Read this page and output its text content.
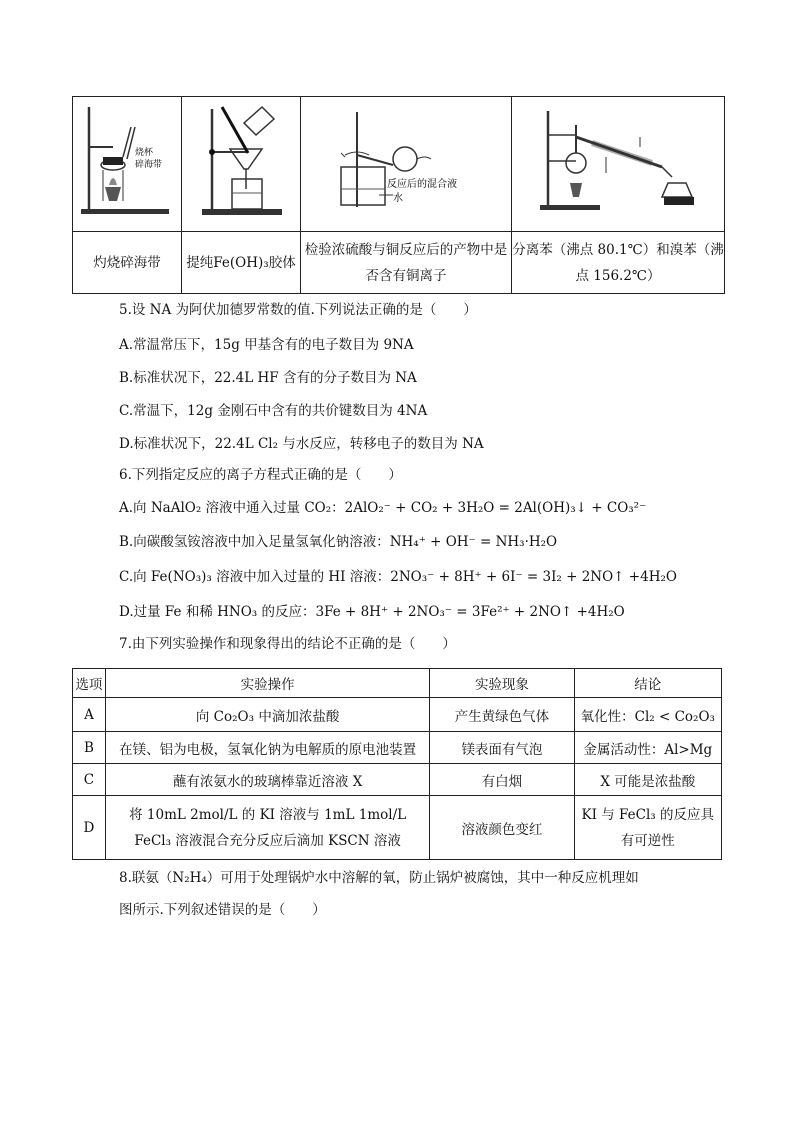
烧杯
碎海带		反应后的混合液
水

灼烧碎海带	提纯Fe(OH)₃胶体	检验浓硫酸与铜反应后的产物中是否含有铜离子	分离苯（沸点 80.1℃）和溴苯（沸点 156.2℃）
5.设 NA 为阿伏加德罗常数的值.下列说法正确的是（　　）
A.常温常压下，15g 甲基含有的电子数目为 9NA
B.标准状况下，22.4L HF 含有的分子数目为 NA
C.常温下，12g 金刚石中含有的共价键数目为 4NA
D.标准状况下，22.4L Cl₂ 与水反应，转移电子的数目为 NA
6.下列指定反应的离子方程式正确的是（　　）
A.向 NaAlO₂ 溶液中通入过量 CO₂：2AlO₂⁻ + CO₂ + 3H₂O = 2Al(OH)₃↓ + CO₃²⁻
B.向碳酸氢铵溶液中加入足量氢氧化钠溶液：NH₄⁺ + OH⁻ = NH₃·H₂O
C.向 Fe(NO₃)₃ 溶液中加入过量的 HI 溶液：2NO₃⁻ + 8H⁺ + 6I⁻ = 3I₂ + 2NO↑ +4H₂O
D.过量 Fe 和稀 HNO₃ 的反应：3Fe + 8H⁺ + 2NO₃⁻ = 3Fe²⁺ + 2NO↑ +4H₂O
7.由下列实验操作和现象得出的结论不正确的是（　　）
选项	实验操作	实验现象	结论
A	向 Co₂O₃ 中滴加浓盐酸	产生黄绿色气体	氧化性：Cl₂ < Co₂O₃
B	在镁、铝为电极，氢氧化钠为电解质的原电池装置	镁表面有气泡	金属活动性：Al>Mg
C	蘸有浓氨水的玻璃棒靠近溶液 X	有白烟	X 可能是浓盐酸
D	将 10mL 2mol/L 的 KI 溶液与 1mL 1mol/L FeCl₃ 溶液混合充分反应后滴加 KSCN 溶液	溶液颜色变红	KI 与 FeCl₃ 的反应具有可逆性
8.联氨（N₂H₄）可用于处理锅炉水中溶解的氧，防止锅炉被腐蚀，其中一种反应机理如
图所示.下列叙述错误的是（　　）
